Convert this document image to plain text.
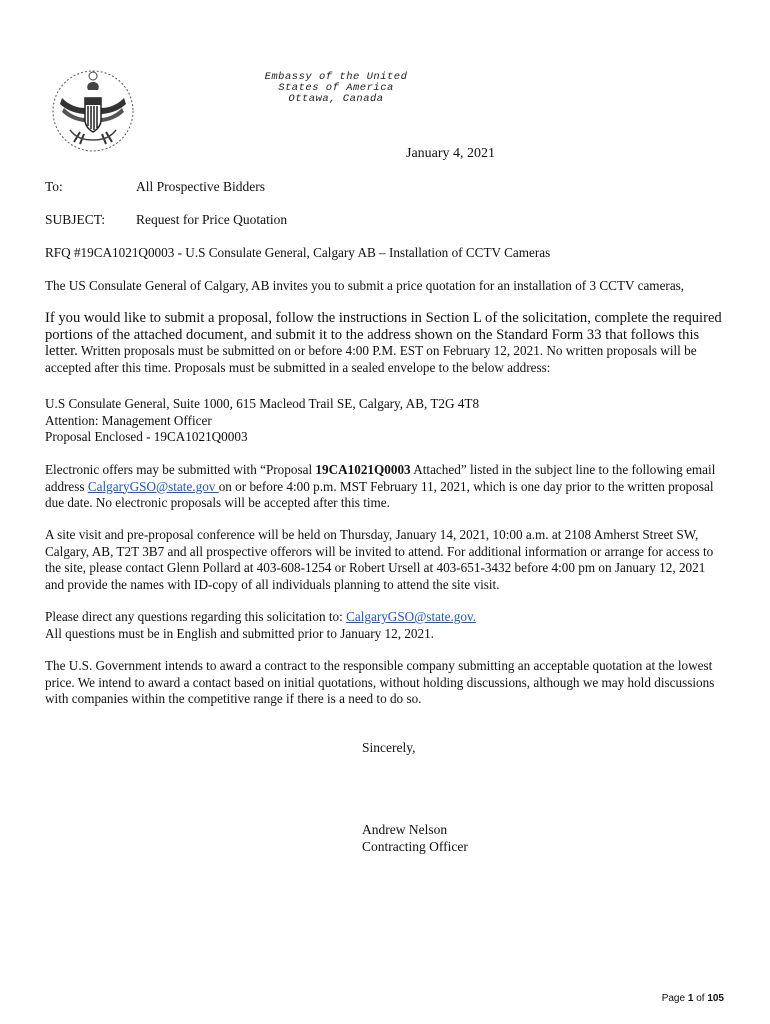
Embassy of the United
States of America
Ottawa, Canada
January 4, 2021
To:	All Prospective Bidders
SUBJECT: Request for Price Quotation

RFQ #19CA1021Q0003 - U.S Consulate General, Calgary AB – Installation of CCTV Cameras

The US Consulate General of Calgary, AB invites you to submit a price quotation for an installation of 3 CCTV cameras,

If you would like to submit a proposal, follow the instructions in Section L of the solicitation, complete the required portions of the attached document, and submit it to the address shown on the Standard Form 33 that follows this letter. Written proposals must be submitted on or before 4:00 P.M. EST on February 12, 2021. No written proposals will be accepted after this time. Proposals must be submitted in a sealed envelope to the below address:

U.S Consulate General, Suite 1000, 615 Macleod Trail SE, Calgary, AB, T2G 4T8
Attention: Management Officer
Proposal Enclosed - 19CA1021Q0003

Electronic offers may be submitted with “Proposal 19CA1021Q0003 Attached” listed in the subject line to the following email address CalgaryGSO@state.gov on or before 4:00 p.m. MST February 11, 2021, which is one day prior to the written proposal due date. No electronic proposals will be accepted after this time.

A site visit and pre-proposal conference will be held on Thursday, January 14, 2021, 10:00 a.m. at 2108 Amherst Street SW, Calgary, AB, T2T 3B7 and all prospective offerors will be invited to attend. For additional information or arrange for access to the site, please contact Glenn Pollard at 403-608-1254 or Robert Ursell at 403-651-3432 before 4:00 pm on January 12, 2021 and provide the names with ID-copy of all individuals planning to attend the site visit.

Please direct any questions regarding this solicitation to: CalgaryGSO@state.gov.
All questions must be in English and submitted prior to January 12, 2021.

The U.S. Government intends to award a contract to the responsible company submitting an acceptable quotation at the lowest price. We intend to award a contact based on initial quotations, without holding discussions, although we may hold discussions with companies within the competitive range if there is a need to do so.

Sincerely,
Andrew Nelson
Contracting Officer
Page 1 of 105
